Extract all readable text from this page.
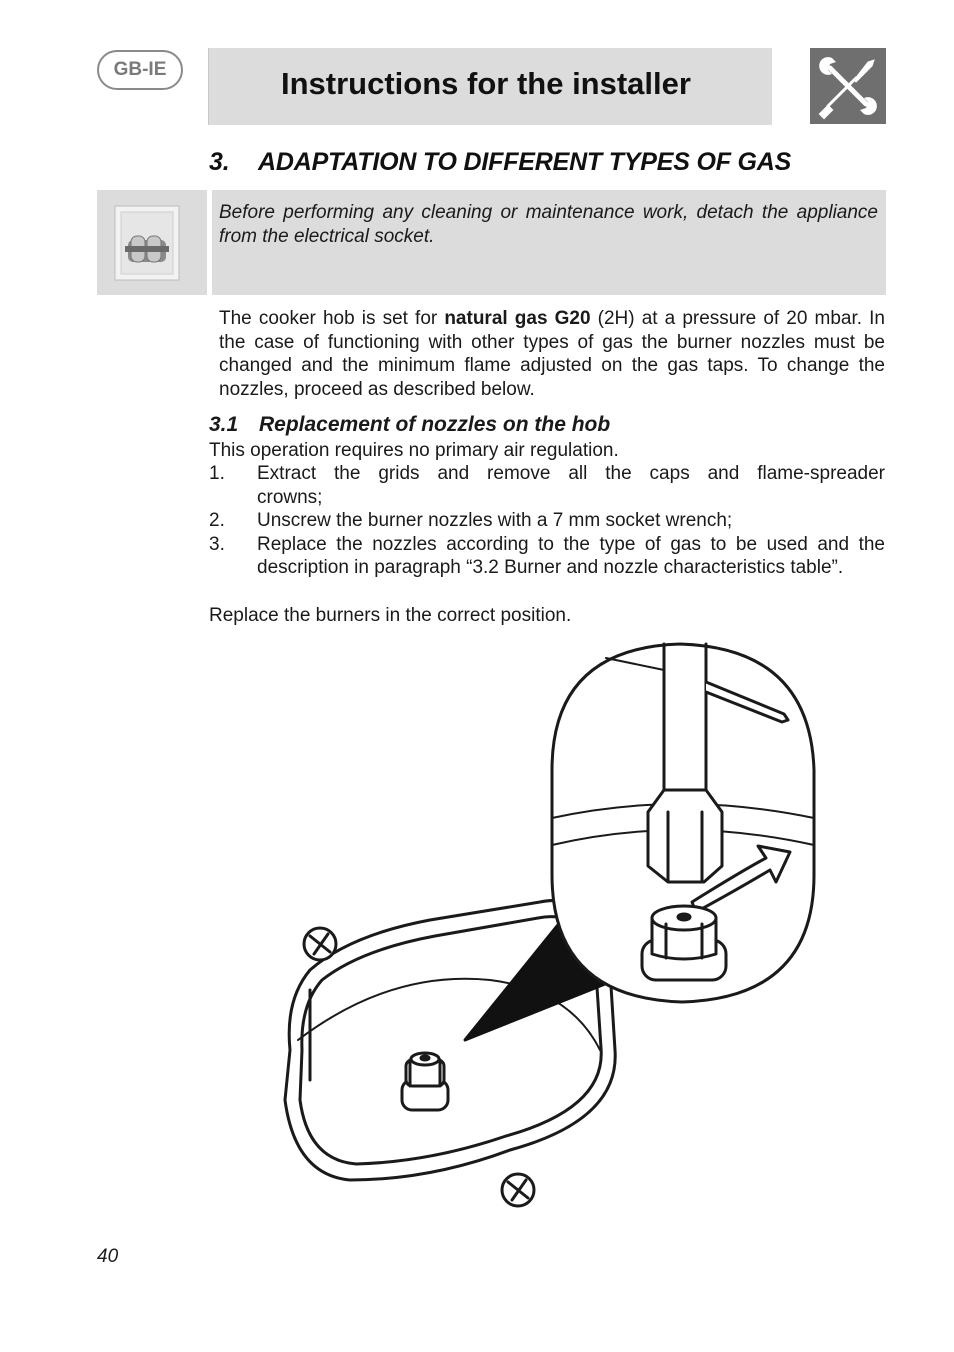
GB-IE	Instructions for the installer
3. ADAPTATION TO DIFFERENT TYPES OF GAS
Before performing any cleaning or maintenance work, detach the appliance from the electrical socket.
The cooker hob is set for natural gas G20 (2H) at a pressure of 20 mbar. In the case of functioning with other types of gas the burner nozzles must be changed and the minimum flame adjusted on the gas taps. To change the nozzles, proceed as described below.
3.1 Replacement of nozzles on the hob
This operation requires no primary air regulation.
1. Extract the grids and remove all the caps and flame-spreader
crowns;
2. Unscrew the burner nozzles with a 7 mm socket wrench;
3. Replace the nozzles according to the type of gas to be used and the description in paragraph “3.2 Burner and nozzle characteristics table”.
Replace the burners in the correct position.
40
